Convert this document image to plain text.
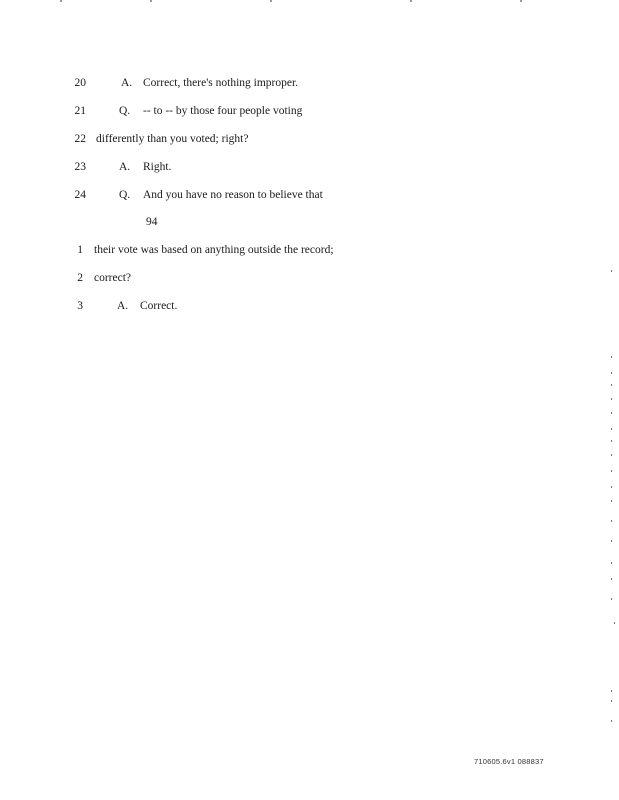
20	A. Correct, there's nothing improper.
21	Q. -- to -- by those four people voting
22 differently than you voted; right?
23	A. Right.
24	Q. And you have no reason to believe that
94
1 their vote was based on anything outside the record;
2 correct?
3	A. Correct.
710605.6v1 088837
